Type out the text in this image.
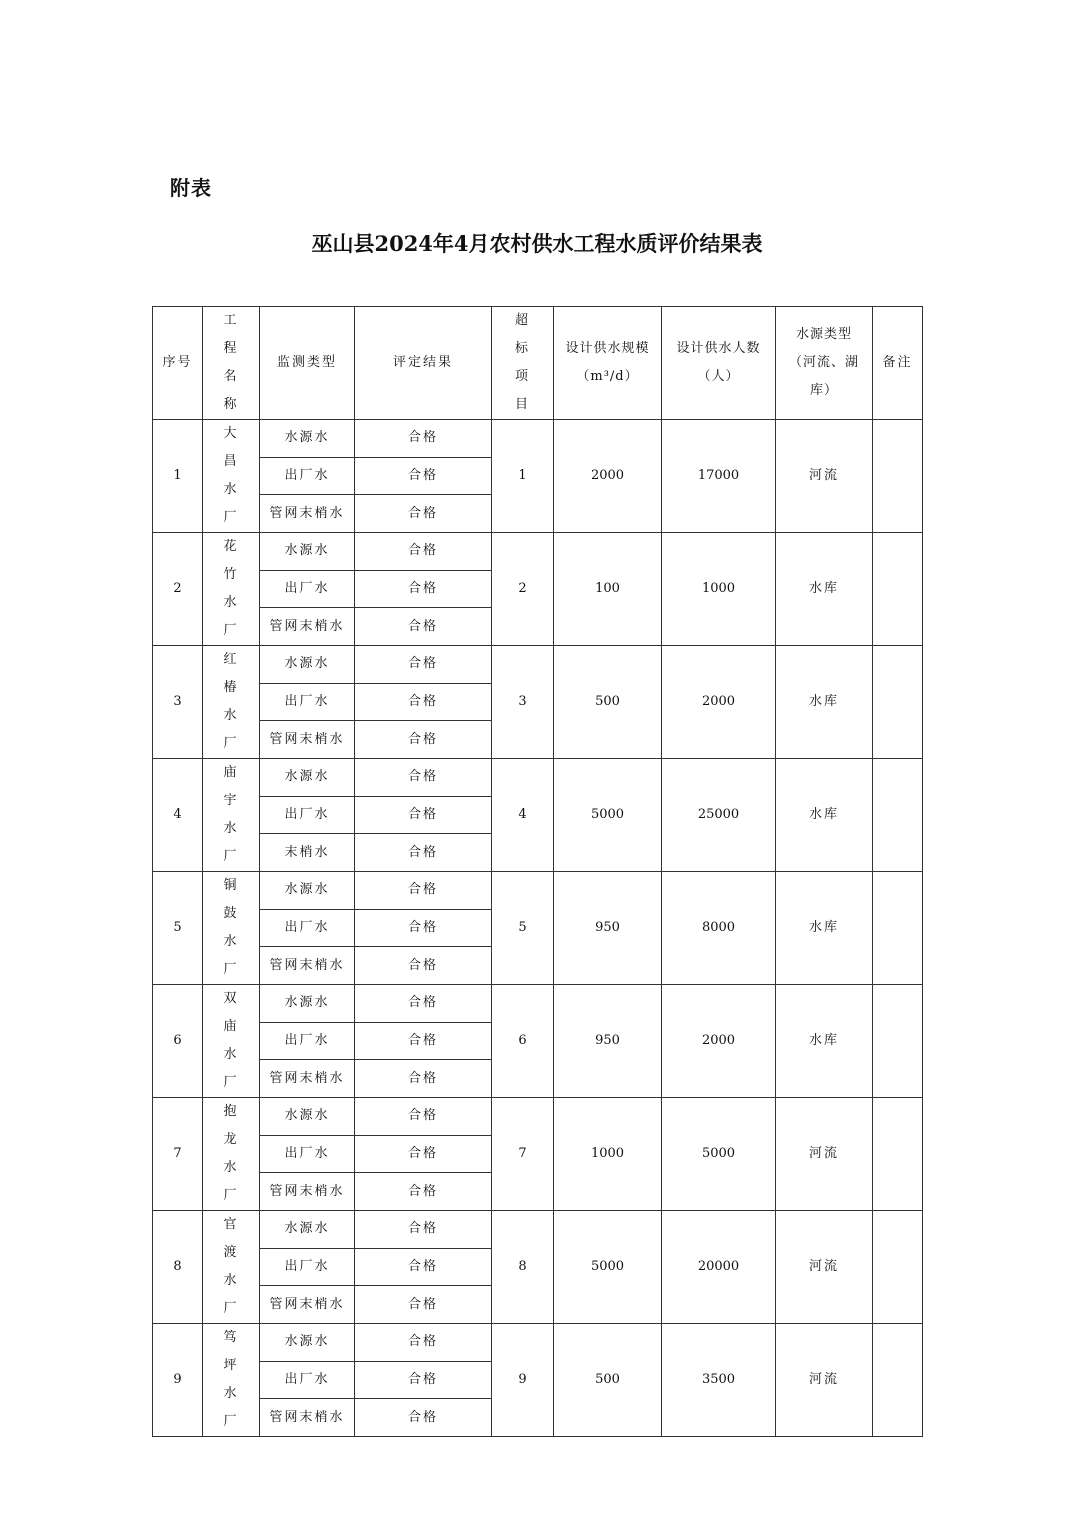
附表
巫山县2024年4月农村供水工程水质评价结果表
序号	工程名称	监测类型	评定结果	超标项目	设计供水规模（m³/d）	设计供水人数（人）	水源类型（河流、湖库）	备注
1	大昌水厂	水源水	合格	1	2000	17000	河流	
		出厂水	合格					
		管网末梢水	合格					
2	花竹水厂	水源水	合格	2	100	1000	水库	
		出厂水	合格					
		管网末梢水	合格					
3	红椿水厂	水源水	合格	3	500	2000	水库	
		出厂水	合格					
		管网末梢水	合格					
4	庙宇水厂	水源水	合格	4	5000	25000	水库	
		出厂水	合格					
		末梢水	合格					
5	铜鼓水厂	水源水	合格	5	950	8000	水库	
		出厂水	合格					
		管网末梢水	合格					
6	双庙水厂	水源水	合格	6	950	2000	水库	
		出厂水	合格					
		管网末梢水	合格					
7	抱龙水厂	水源水	合格	7	1000	5000	河流	
		出厂水	合格					
		管网末梢水	合格					
8	官渡水厂	水源水	合格	8	5000	20000	河流	
		出厂水	合格					
		管网末梢水	合格					
9	笃坪水厂	水源水	合格	9	500	3500	河流	
		出厂水	合格					
		管网末梢水	合格					
